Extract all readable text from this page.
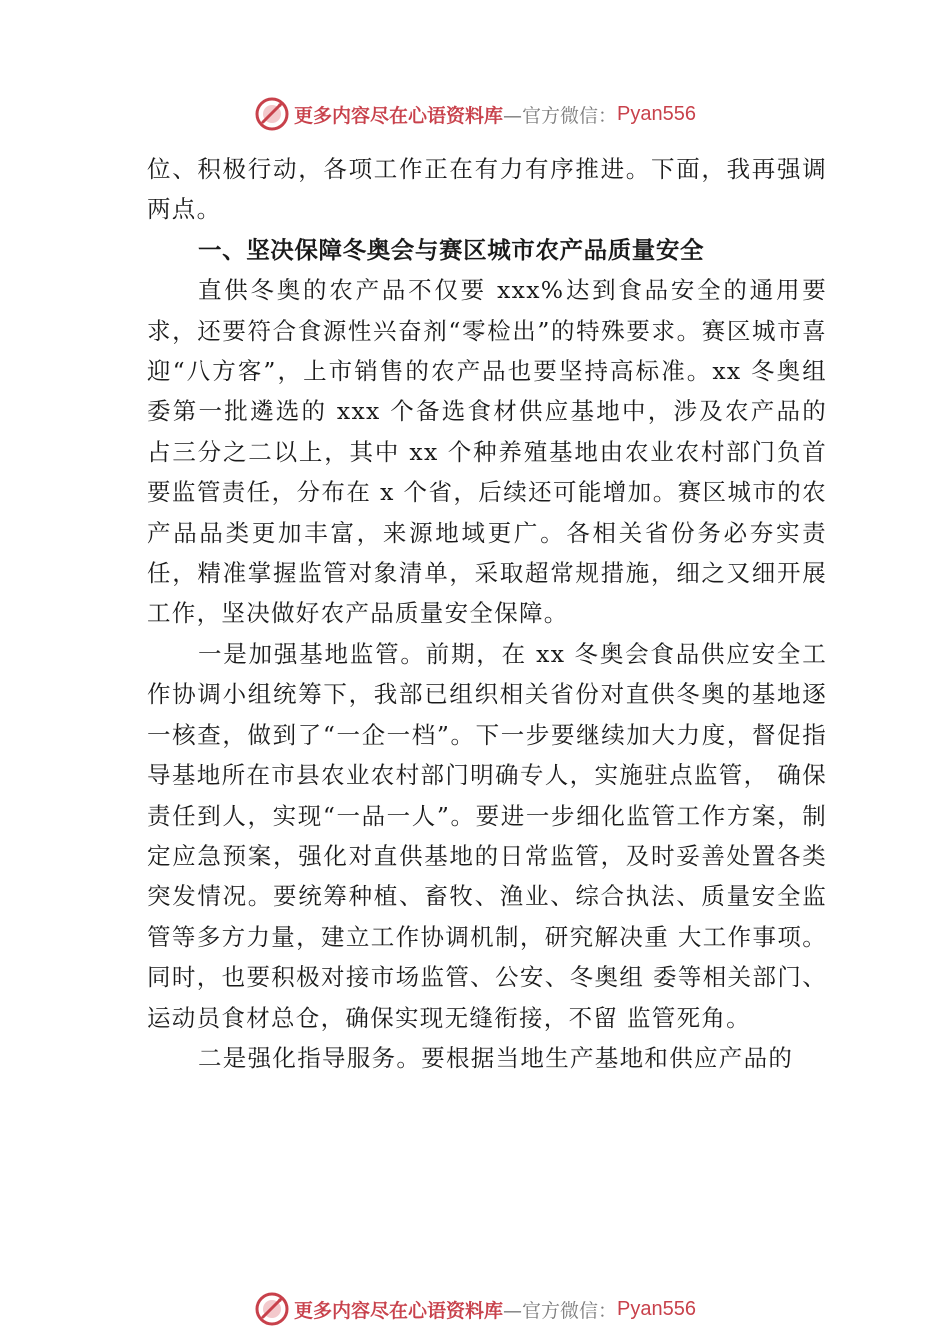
更多内容尽在心语资料库 —官方微信： Pyan556

位、积极行动，各项工作正在有力有序推进。下面，我再强调两点。

一、坚决保障冬奥会与赛区城市农产品质量安全

直供冬奥的农产品不仅要 xxx%达到食品安全的通用要求，还要符合食源性兴奋剂“零检出”的特殊要求。赛区城市喜迎“八方客”，上市销售的农产品也要坚持高标准。xx 冬奥组委第一批遴选的 xxx 个备选食材供应基地中，涉及农产品的占三分之二以上，其中 xx 个种养殖基地由农业农村部门负首要监管责任，分布在 x 个省，后续还可能增加。赛区城市的农产品品类更加丰富，来源地域更广。各相关省份务必夯实责任，精准掌握监管对象清单，采取超常规措施，细之又细开展工作，坚决做好农产品质量安全保障。

一是加强基地监管。前期，在 xx 冬奥会食品供应安全工作协调小组统筹下，我部已组织相关省份对直供冬奥的基地逐一核查，做到了“一企一档”。下一步要继续加大力度，督促指导基地所在市县农业农村部门明确专人，实施驻点监管， 确保责任到人，实现“一品一人”。要进一步细化监管工作方案，制定应急预案，强化对直供基地的日常监管，及时妥善处置各类突发情况。要统筹种植、畜牧、渔业、综合执法、质量安全监管等多方力量，建立工作协调机制，研究解决重 大工作事项。同时，也要积极对接市场监管、公安、冬奥组 委等相关部门、运动员食材总仓，确保实现无缝衔接，不留 监管死角。

二是强化指导服务。要根据当地生产基地和供应产品的

更多内容尽在心语资料库 —官方微信： Pyan556
